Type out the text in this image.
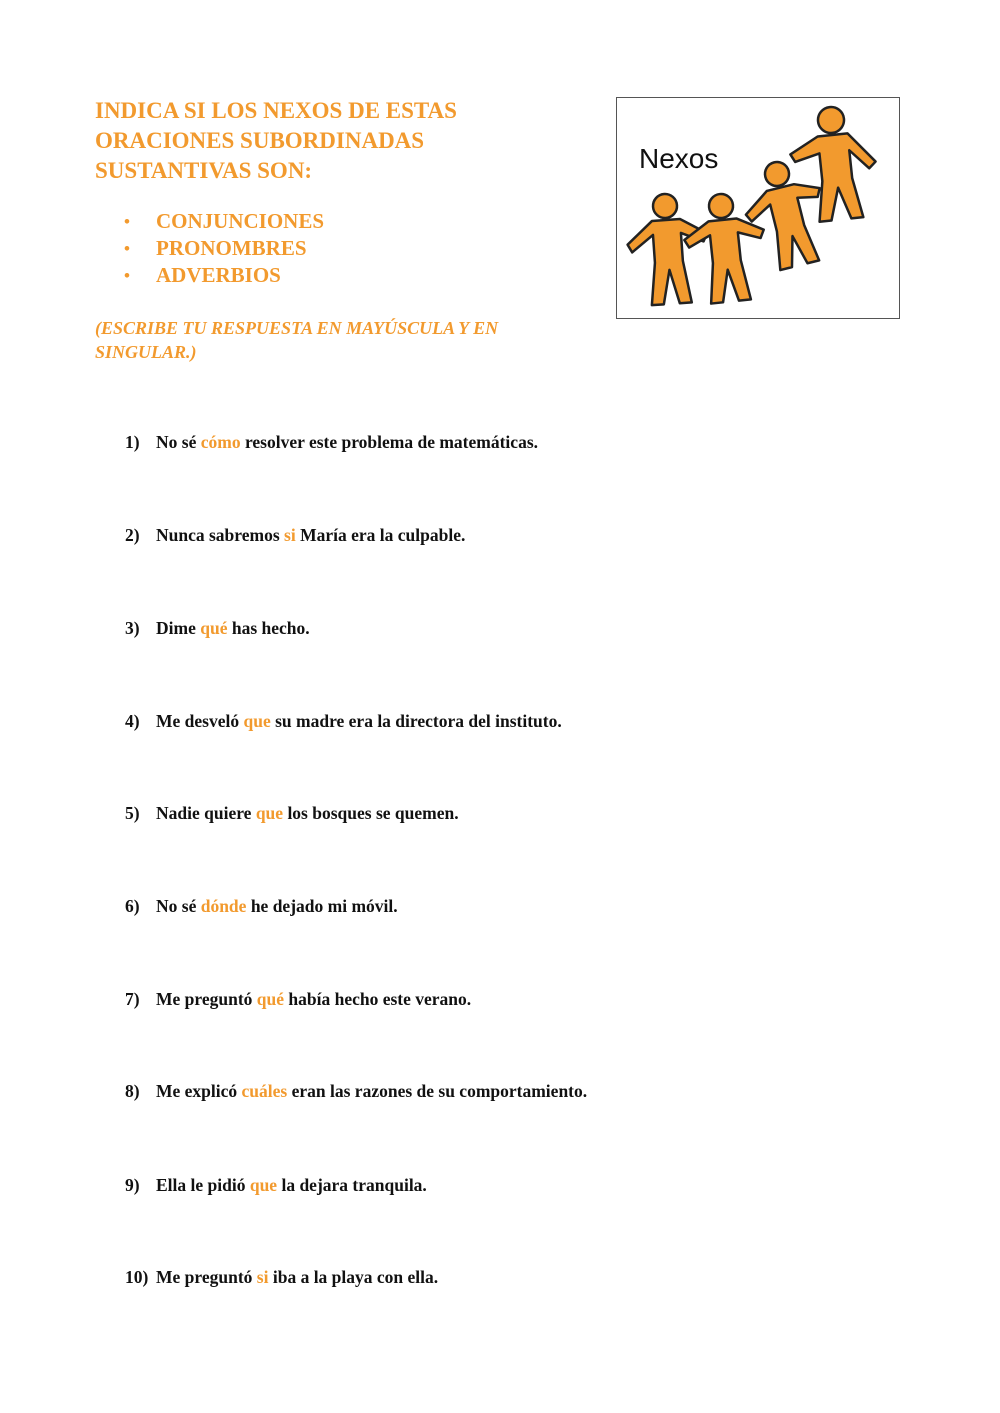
INDICA SI LOS NEXOS DE ESTAS ORACIONES SUBORDINADAS SUSTANTIVAS SON:
• CONJUNCIONES
• PRONOMBRES
• ADVERBIOS

(ESCRIBE TU RESPUESTA EN MAYÚSCULA Y EN SINGULAR.)

Nexos
1) No sé cómo resolver este problema de matemáticas.
2) Nunca sabremos si María era la culpable.
3) Dime qué has hecho.
4) Me desveló que su madre era la directora del instituto.
5) Nadie quiere que los bosques se quemen.
6) No sé dónde he dejado mi móvil.
7) Me preguntó qué había hecho este verano.
8) Me explicó cuáles eran las razones de su comportamiento.
9) Ella le pidió que la dejara tranquila.
10) Me preguntó si iba a la playa con ella.
